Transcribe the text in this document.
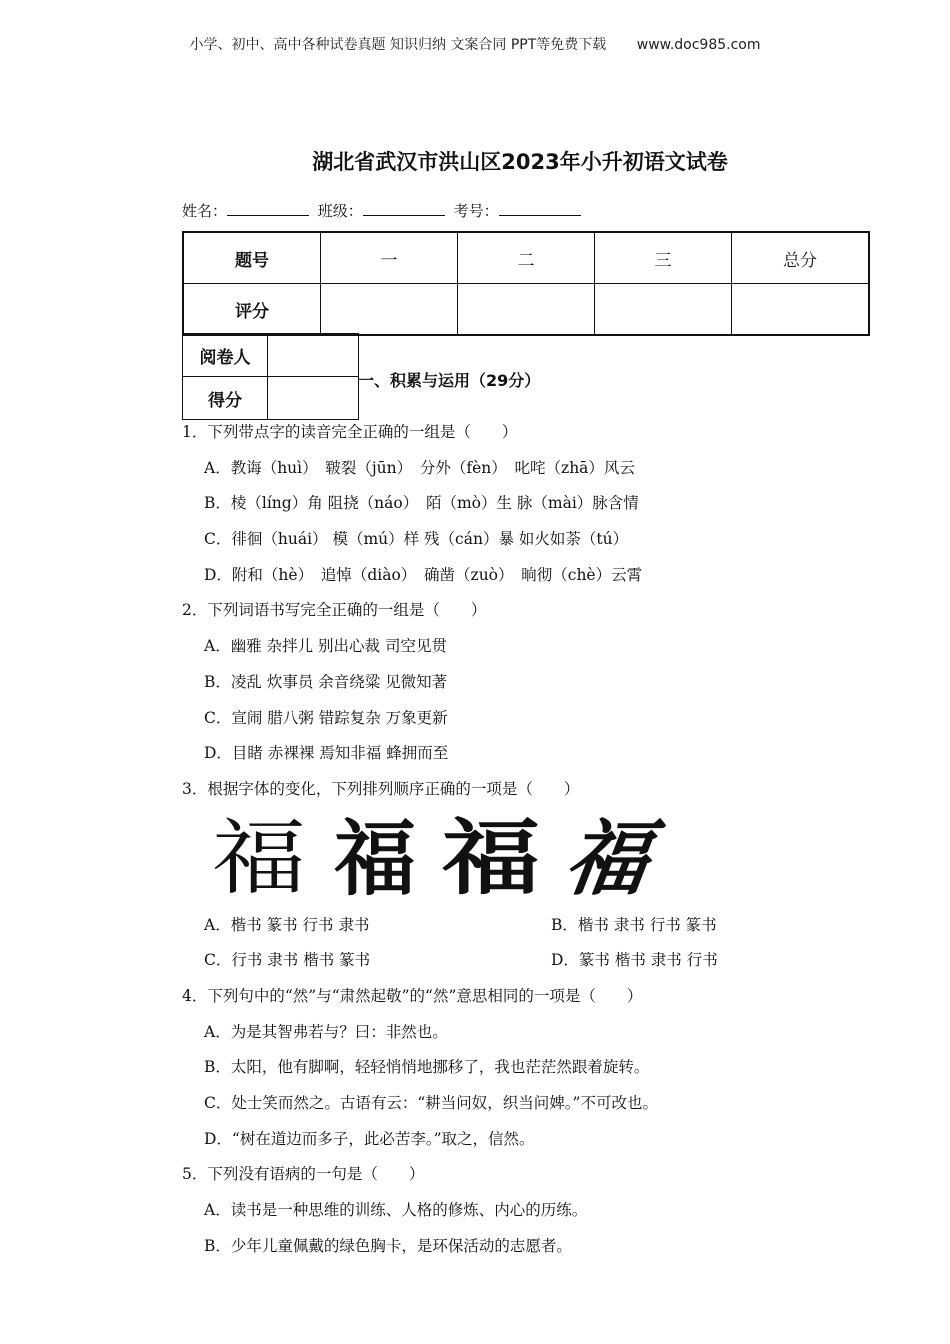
小学、初中、高中各种试卷真题 知识归纳 文案合同 PPT等免费下载 www.doc985.com
湖北省武汉市洪山区2023年小升初语文试卷
姓名：	班级：	考号：
题号	一	二	三	总分
评分				
阅卷人	
得分	
一、积累与运用（29分）
1．下列带点字的读音完全正确的一组是（　　）
A．教诲（huì）　皲裂（jūn）　分外（fèn）　叱咤（zhā）风云
B．棱（líng）角 阻挠（náo）　陌（mò）生 脉（mài）脉含情
C．徘徊（huái） 模（mú）样 残（cán）暴 如火如荼（tú）
D．附和（hè）　追悼（diào）　确凿（zuò）　晌彻（chè）云霄
2．下列词语书写完全正确的一组是（　　）
A．幽雅 杂拌儿 别出心裁 司空见贯
B．凌乱 炊事员 余音绕粱 见微知著
C．宣闹 腊八粥 错踪复杂 万象更新
D．目睹 赤裸裸 焉知非福 蜂拥而至
3．根据字体的变化，下列排列顺序正确的一项是（　　）
福 福 福 福
A．楷书 篆书 行书 隶书	B．楷书 隶书 行书 篆书
C．行书 隶书 楷书 篆书	D．篆书 楷书 隶书 行书
4．下列句中的“然”与“肃然起敬”的“然”意思相同的一项是（　　）
A．为是其智弗若与？曰：非然也。
B．太阳，他有脚啊，轻轻悄悄地挪移了，我也茫茫然跟着旋转。
C．处士笑而然之。古语有云：“耕当问奴，织当问婢。”不可改也。
D．“树在道边而多子，此必苦李。”取之，信然。
5．下列没有语病的一句是（　　）
A．读书是一种思维的训练、人格的修炼、内心的历练。
B．少年儿童佩戴的绿色胸卡，是环保活动的志愿者。
